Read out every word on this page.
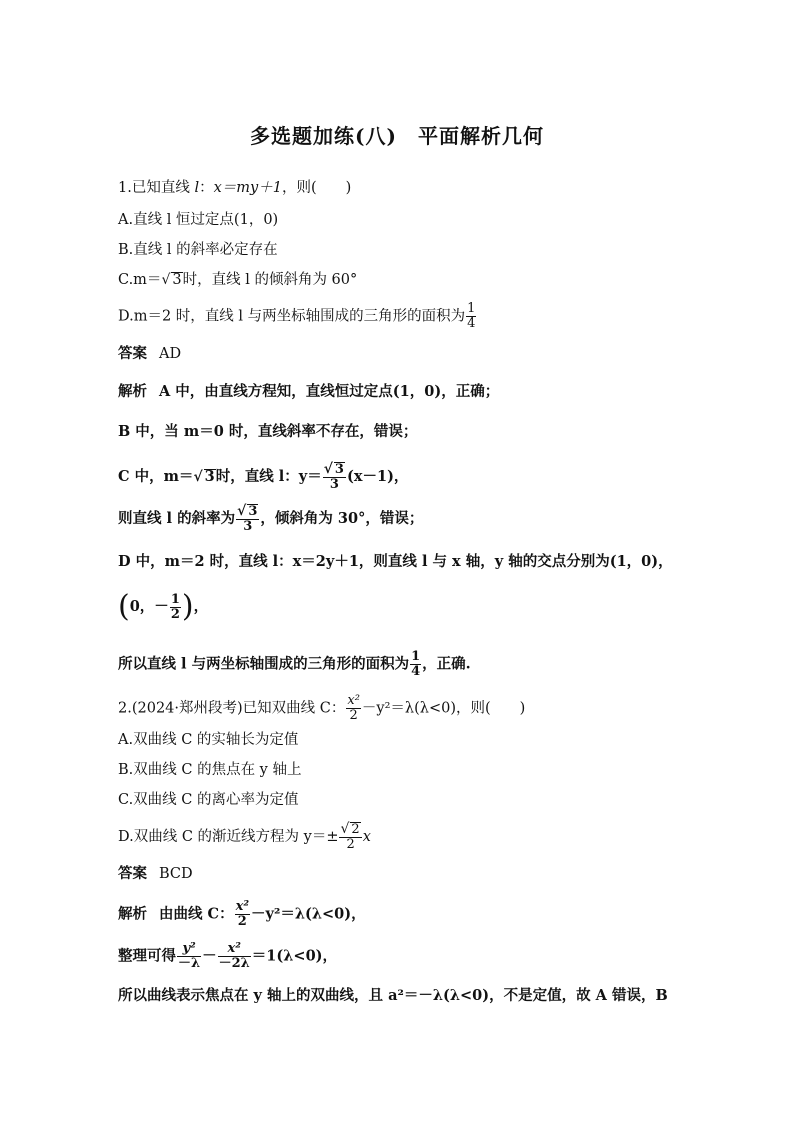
多选题加练(八)　平面解析几何
1.已知直线 l：x＝my＋1，则(　　)
A.直线 l 恒过定点(1，0)
B.直线 l 的斜率必定存在
C.m＝√ 3时，直线 l 的倾斜角为 60°
D.m＝2 时，直线 l 与两坐标轴围成的三角形的面积为 $\frac{1}{4}$
答案 AD
解析 A 中，由直线方程知，直线恒过定点(1，0)，正确；
B 中，当 m＝0 时，直线斜率不存在，错误；
C 中，m＝√ 3时，直线 l：$y= \frac{√ 3}{3} (x-1)$，
则直线 l 的斜率为 $\frac{√ 3}{3}$ ，倾斜角为 30°，错误；
D 中，m＝2 时，直线 l：x＝2y＋1，则直线 l 与 x 轴，y 轴的交点分别为(1，0)，
(0，－ $\frac{1}{2}$ )，
所以直线 l 与两坐标轴围成的三角形的面积为 $\frac{1}{4}$ ，正确.
2.(2024·郑州段考)已知双曲线 C： $\frac{\text{x²}}{2} -y^2=\lambda(\lambda<0)$，则(　　)
A.双曲线 C 的实轴长为定值
B.双曲线 C 的焦点在 y 轴上
C.双曲线 C 的离心率为定值
D.双曲线 C 的渐近线方程为 $y=\pm \frac{√ 2}{2}$ x
答案 BCD
解析 由曲线 C： $\frac{\text{x²}}{2} -y^2=\lambda(\lambda<0)$，
整理可得 $\frac{\text{y²}}{-\lambda} - \frac{\text{x²}}{-2\lambda} =1(\lambda<0)$，
所以曲线表示焦点在 y 轴上的双曲线，且 a²＝－λ(λ<0)，不是定值，故 A 错误，B
